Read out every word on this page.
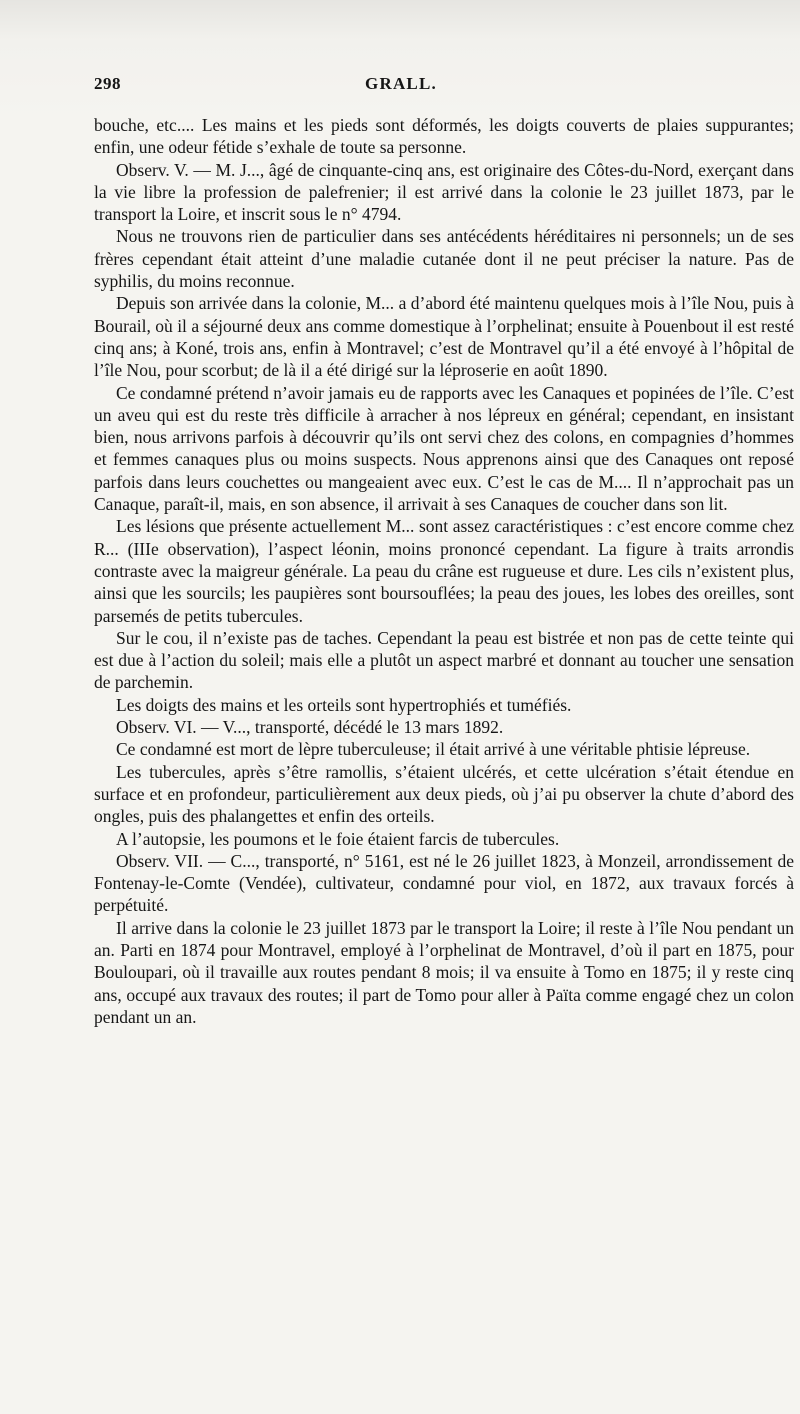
298	GRALL.

bouche, etc.... Les mains et les pieds sont déformés, les doigts couverts de plaies suppurantes; enfin, une odeur fétide s’exhale de toute sa personne.

Observ. V. — M. J..., âgé de cinquante-cinq ans, est originaire des Côtes-du-Nord, exerçant dans la vie libre la profession de palefrenier; il est arrivé dans la colonie le 23 juillet 1873, par le transport la Loire, et inscrit sous le n° 4794.

Nous ne trouvons rien de particulier dans ses antécédents héréditaires ni personnels; un de ses frères cependant était atteint d’une maladie cutanée dont il ne peut préciser la nature. Pas de syphilis, du moins reconnue.

Depuis son arrivée dans la colonie, M... a d’abord été maintenu quelques mois à l’île Nou, puis à Bourail, où il a séjourné deux ans comme domestique à l’orphelinat; ensuite à Pouenbout il est resté cinq ans; à Koné, trois ans, enfin à Montravel; c’est de Montravel qu’il a été envoyé à l’hôpital de l’île Nou, pour scorbut; de là il a été dirigé sur la léproserie en août 1890.

Ce condamné prétend n’avoir jamais eu de rapports avec les Canaques et popinées de l’île. C’est un aveu qui est du reste très difficile à arracher à nos lépreux en général; cependant, en insistant bien, nous arrivons parfois à découvrir qu’ils ont servi chez des colons, en compagnies d’hommes et femmes canaques plus ou moins suspects. Nous apprenons ainsi que des Canaques ont reposé parfois dans leurs couchettes ou mangeaient avec eux. C’est le cas de M.... Il n’approchait pas un Canaque, paraît-il, mais, en son absence, il arrivait à ses Canaques de coucher dans son lit.

Les lésions que présente actuellement M... sont assez caractéristiques : c’est encore comme chez R... (IIIe observation), l’aspect léonin, moins prononcé cependant. La figure à traits arrondis contraste avec la maigreur générale. La peau du crâne est rugueuse et dure. Les cils n’existent plus, ainsi que les sourcils; les paupières sont boursouflées; la peau des joues, les lobes des oreilles, sont parsemés de petits tubercules.

Sur le cou, il n’existe pas de taches. Cependant la peau est bistrée et non pas de cette teinte qui est due à l’action du soleil; mais elle a plutôt un aspect marbré et donnant au toucher une sensation de parchemin.

Les doigts des mains et les orteils sont hypertrophiés et tuméfiés.

Observ. VI. — V..., transporté, décédé le 13 mars 1892.

Ce condamné est mort de lèpre tuberculeuse; il était arrivé à une véritable phtisie lépreuse.

Les tubercules, après s’être ramollis, s’étaient ulcérés, et cette ulcération s’était étendue en surface et en profondeur, particulièrement aux deux pieds, où j’ai pu observer la chute d’abord des ongles, puis des phalangettes et enfin des orteils.

A l’autopsie, les poumons et le foie étaient farcis de tubercules.

Observ. VII. — C..., transporté, n° 5161, est né le 26 juillet 1823, à Monzeil, arrondissement de Fontenay-le-Comte (Vendée), cultivateur, condamné pour viol, en 1872, aux travaux forcés à perpétuité.

Il arrive dans la colonie le 23 juillet 1873 par le transport la Loire; il reste à l’île Nou pendant un an. Parti en 1874 pour Montravel, employé à l’orphelinat de Montravel, d’où il part en 1875, pour Bouloupari, où il travaille aux routes pendant 8 mois; il va ensuite à Tomo en 1875; il y reste cinq ans, occupé aux travaux des routes; il part de Tomo pour aller à Païta comme engagé chez un colon pendant un an.
